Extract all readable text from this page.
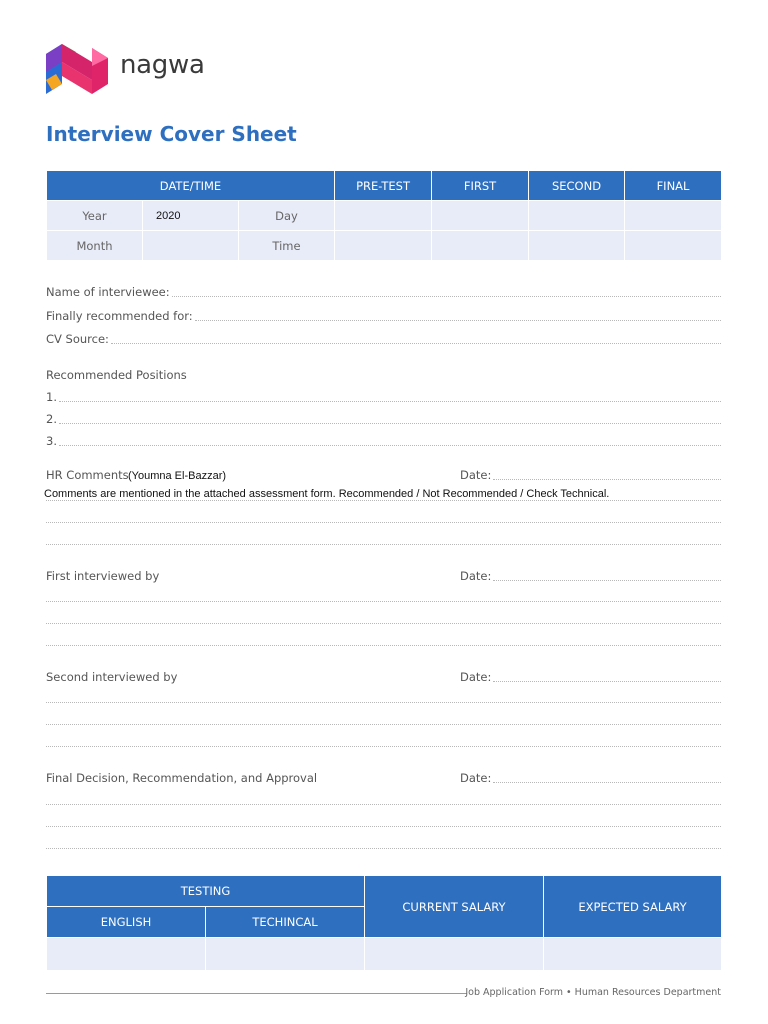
nagwa
Interview Cover Sheet
DATE/TIME			PRE-TEST	FIRST	SECOND	FINAL
Year	2020	Day				
Month		Time				
Name of interviewee:
Finally recommended for:
CV Source:
Recommended Positions
1.
2.
3.
HR Comments (Youmna El-Bazzar)	Date:
Comments are mentioned in the attached assessment form. Recommended / Not Recommended / Check Technical.
First interviewed by	Date:
Second interviewed by	Date:
Final Decision, Recommendation, and Approval	Date:
TESTING		CURRENT SALARY	EXPECTED SALARY
ENGLISH	TECHINCAL		

Job Application Form • Human Resources Department
